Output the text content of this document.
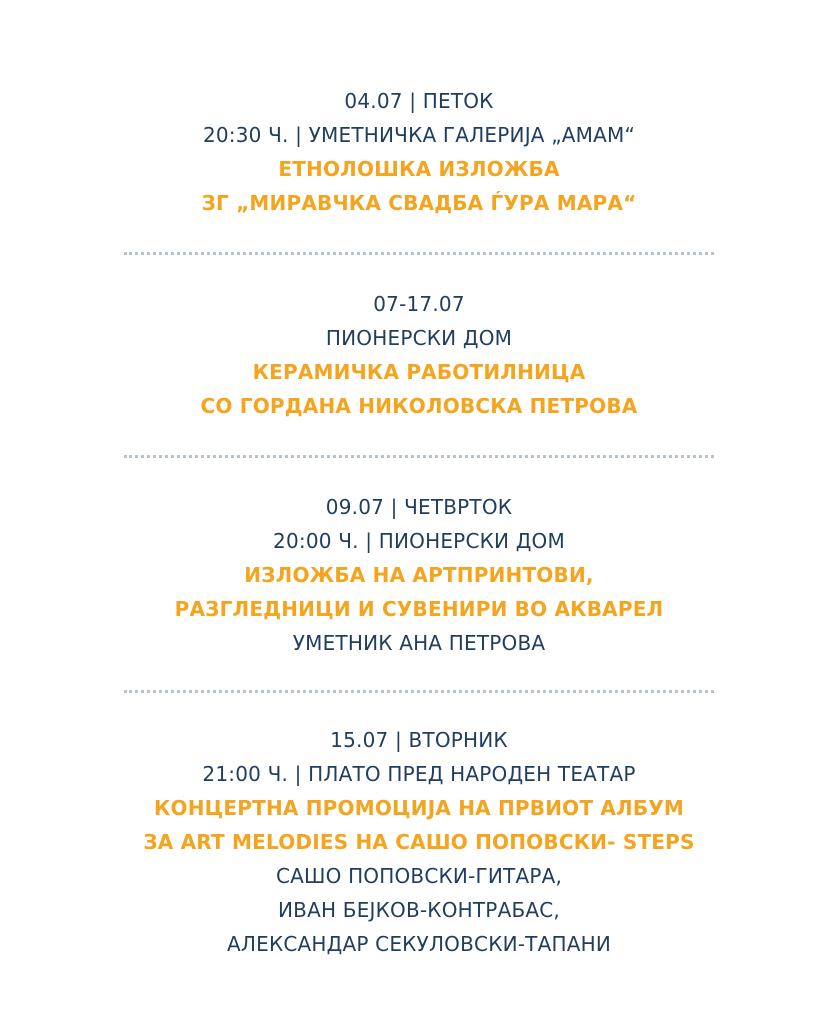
04.07 | ПЕТОК
20:30 Ч. | УМЕТНИЧКА ГАЛЕРИЈА „АМАМ“
ЕТНОЛОШКА ИЗЛОЖБА
ЗГ „МИРАВЧКА СВАДБА ЃУРА МАРА“
07-17.07
ПИОНЕРСКИ ДОМ
КЕРАМИЧКА РАБОТИЛНИЦА
СО ГОРДАНА НИКОЛОВСКА ПЕТРОВА
09.07 | ЧЕТВРТОК
20:00 Ч. | ПИОНЕРСКИ ДОМ
ИЗЛОЖБА НА АРТПРИНТОВИ,
РАЗГЛЕДНИЦИ И СУВЕНИРИ ВО АКВАРЕЛ
УМЕТНИК АНА ПЕТРОВА
15.07 | ВТОРНИК
21:00 Ч. | ПЛАТО ПРЕД НАРОДЕН ТЕАТАР
КОНЦЕРТНА ПРОМОЦИЈА НА ПРВИОТ АЛБУМ
ЗА ART MELODIES НА САШО ПОПОВСКИ- STEPS
САШО ПОПОВСКИ-ГИТАРА,
ИВАН БЕЈКОВ-КОНТРАБАС,
АЛЕКСАНДАР СЕКУЛОВСКИ-ТАПАНИ
